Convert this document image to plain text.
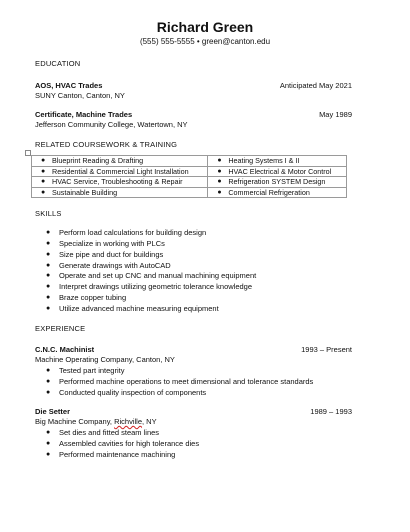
Richard Green
(555) 555-5555 • green@canton.edu
EDUCATION
AOS, HVAC Trades	Anticipated May 2021
SUNY Canton, Canton, NY
Certificate, Machine Trades	May 1989
Jefferson Community College, Watertown, NY
RELATED COURSEWORK & TRAINING
● Blueprint Reading & Drafting	● Heating Systems I & II

● Residential & Commercial Light Installation	● HVAC Electrical & Motor Control

● HVAC Service, Troubleshooting & Repair	● Refrigeration SYSTEM Design

● Sustainable Building	● Commercial Refrigeration
SKILLS
● Perform load calculations for building design
● Specialize in working with PLCs
● Size pipe and duct for buildings
● Generate drawings with AutoCAD
● Operate and set up CNC and manual machining equipment
● Interpret drawings utilizing geometric tolerance knowledge
● Braze copper tubing
● Utilize advanced machine measuring equipment
EXPERIENCE
C.N.C. Machinist	1993 – Present
Machine Operating Company, Canton, NY
● Tested part integrity
● Performed machine operations to meet dimensional and tolerance standards
● Conducted quality inspection of components
Die Setter	1989 – 1993
Big Machine Company, Richville, NY
● Set dies and fitted steam lines
● Assembled cavities for high tolerance dies
● Performed maintenance machining
